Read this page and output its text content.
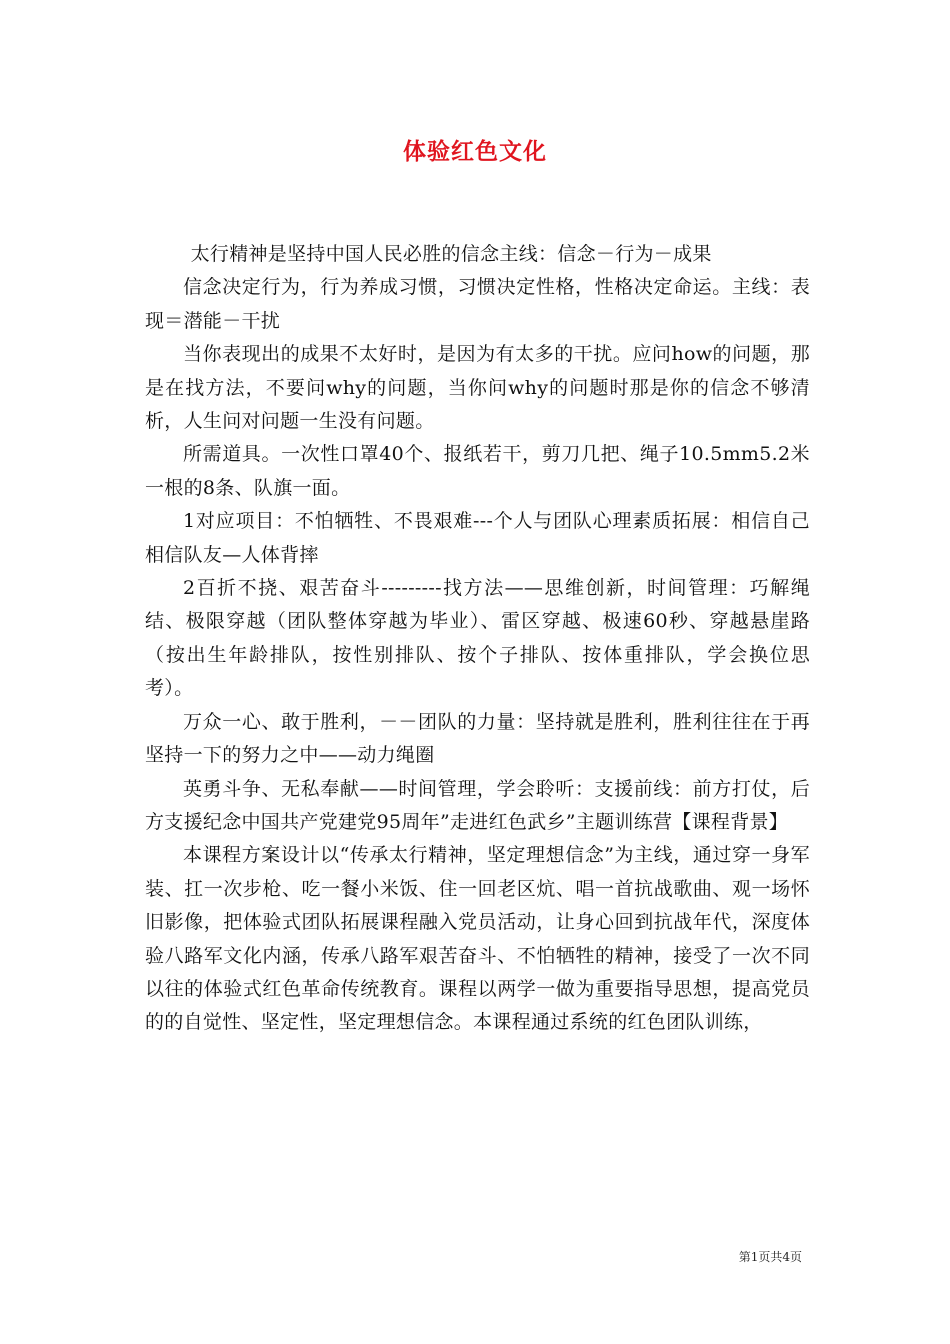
体验红色文化

太行精神是坚持中国人民必胜的信念主线：信念－行为－成果

信念决定行为，行为养成习惯，习惯决定性格，性格决定命运。主线：表现＝潜能－干扰

当你表现出的成果不太好时，是因为有太多的干扰。应问how的问题，那是在找方法，不要问why的问题，当你问why的问题时那是你的信念不够清析，人生问对问题一生没有问题。

所需道具。一次性口罩40个、报纸若干，剪刀几把、绳子10.5mm5.2米一根的8条、队旗一面。

1对应项目：不怕牺牲、不畏艰难---个人与团队心理素质拓展：相信自己相信队友—人体背摔

2百折不挠、艰苦奋斗---------找方法——思维创新，时间管理：巧解绳结、极限穿越（团队整体穿越为毕业）、雷区穿越、极速60秒、穿越悬崖路（按出生年龄排队，按性别排队、按个子排队、按体重排队，学会换位思考）。

万众一心、敢于胜利，－－团队的力量：坚持就是胜利，胜利往往在于再坚持一下的努力之中——动力绳圈

英勇斗争、无私奉献——时间管理，学会聆听：支援前线：前方打仗，后方支援纪念中国共产党建党95周年”走进红色武乡”主题训练营【课程背景】

本课程方案设计以“传承太行精神，坚定理想信念”为主线，通过穿一身军装、扛一次步枪、吃一餐小米饭、住一回老区炕、唱一首抗战歌曲、观一场怀旧影像，把体验式团队拓展课程融入党员活动，让身心回到抗战年代，深度体验八路军文化内涵，传承八路军艰苦奋斗、不怕牺牲的精神，接受了一次不同以往的体验式红色革命传统教育。课程以两学一做为重要指导思想，提高党员的的自觉性、坚定性，坚定理想信念。本课程通过系统的红色团队训练，

第1页共4页
